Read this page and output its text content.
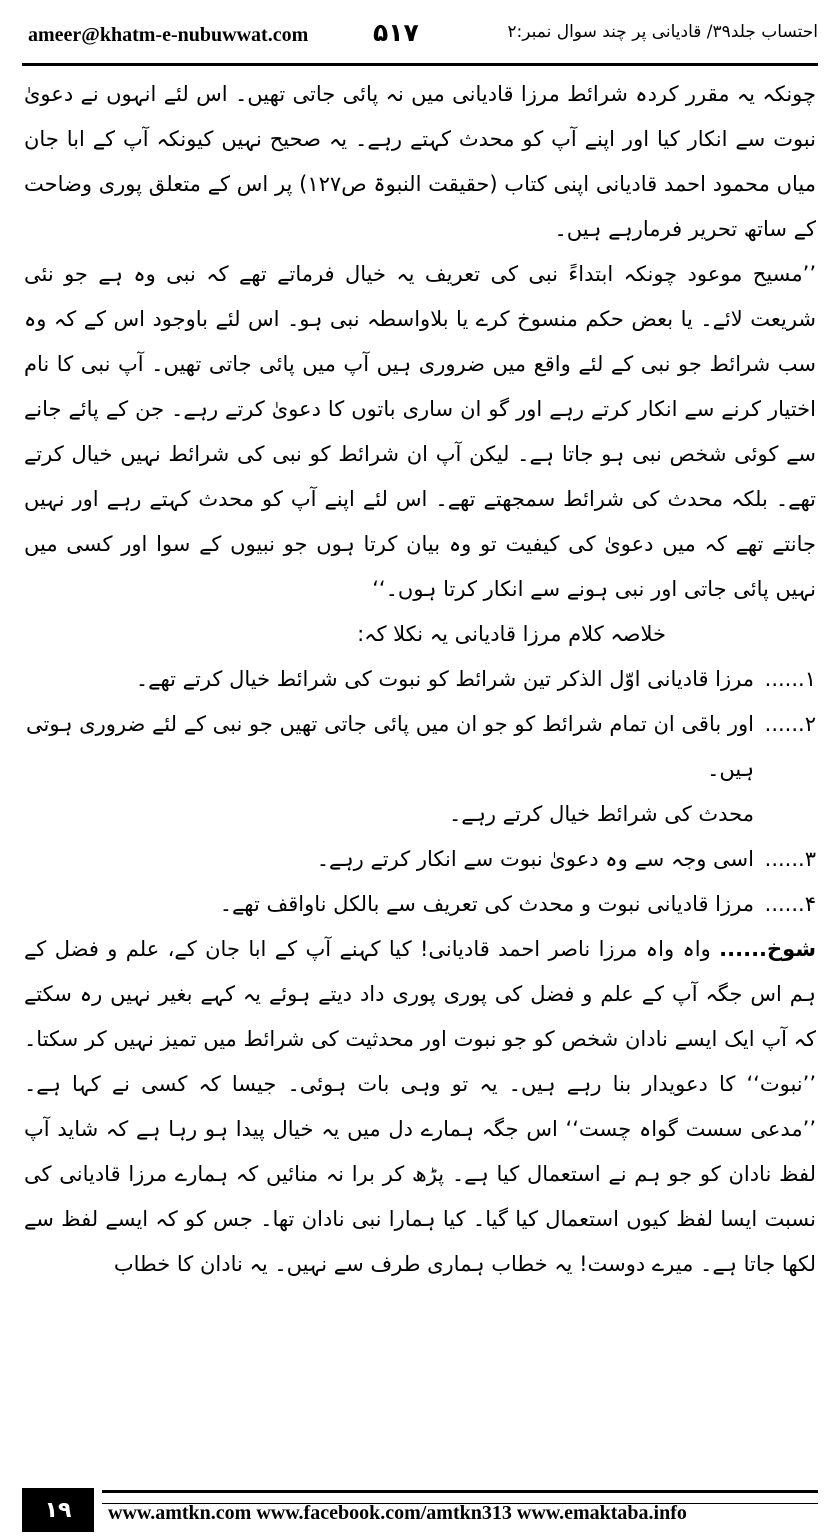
ameer@khatm-e-nubuwwat.com	۵۱۷	احتساب جلد۳۹/ قادیانی پر چند سوال نمبر:۲

چونکہ یہ مقرر کردہ شرائط مرزا قادیانی میں نہ پائی جاتی تھیں۔ اس لئے انہوں نے دعویٰ نبوت سے انکار کیا اور اپنے آپ کو محدث کہتے رہے۔ یہ صحیح نہیں کیونکہ آپ کے ابا جان میاں محمود احمد قادیانی اپنی کتاب (حقیقت النبوۃ ص۱۲۷) پر اس کے متعلق پوری وضاحت کے ساتھ تحریر فرمارہے ہیں۔

’’مسیح موعود چونکہ ابتداءً نبی کی تعریف یہ خیال فرماتے تھے کہ نبی وہ ہے جو نئی شریعت لائے۔ یا بعض حکم منسوخ کرے یا بلاواسطہ نبی ہو۔ اس لئے باوجود اس کے کہ وہ سب شرائط جو نبی کے لئے واقع میں ضروری ہیں آپ میں پائی جاتی تھیں۔ آپ نبی کا نام اختیار کرنے سے انکار کرتے رہے اور گو ان ساری باتوں کا دعویٰ کرتے رہے۔ جن کے پائے جانے سے کوئی شخص نبی ہو جاتا ہے۔ لیکن آپ ان شرائط کو نبی کی شرائط نہیں خیال کرتے تھے۔ بلکہ محدث کی شرائط سمجھتے تھے۔ اس لئے اپنے آپ کو محدث کہتے رہے اور نہیں جانتے تھے کہ میں دعویٰ کی کیفیت تو وہ بیان کرتا ہوں جو نبیوں کے سوا اور کسی میں نہیں پائی جاتی اور نبی ہونے سے انکار کرتا ہوں۔‘‘

خلاصہ کلام مرزا قادیانی یہ نکلا کہ:

۱......
مرزا قادیانی اوّل الذکر تین شرائط کو نبوت کی شرائط خیال کرتے تھے۔
۲......
اور باقی ان تمام شرائط کو جو ان میں پائی جاتی تھیں جو نبی کے لئے ضروری ہوتی ہیں۔

محدث کی شرائط خیال کرتے رہے۔

۳......
اسی وجہ سے وہ دعویٰ نبوت سے انکار کرتے رہے۔
۴......
مرزا قادیانی نبوت و محدث کی تعریف سے بالکل ناواقف تھے۔

شوخ...... واہ واہ مرزا ناصر احمد قادیانی! کیا کہنے آپ کے ابا جان کے، علم و فضل کے ہم اس جگہ آپ کے علم و فضل کی پوری پوری داد دیتے ہوئے یہ کہے بغیر نہیں رہ سکتے کہ آپ ایک ایسے نادان شخص کو جو نبوت اور محدثیت کی شرائط میں تمیز نہیں کر سکتا۔ ’’نبوت‘‘ کا دعویدار بنا رہے ہیں۔ یہ تو وہی بات ہوئی۔ جیسا کہ کسی نے کہا ہے۔ ’’مدعی سست گواہ چست‘‘ اس جگہ ہمارے دل میں یہ خیال پیدا ہو رہا ہے کہ شاید آپ لفظ نادان کو جو ہم نے استعمال کیا ہے۔ پڑھ کر برا نہ منائیں کہ ہمارے مرزا قادیانی کی نسبت ایسا لفظ کیوں استعمال کیا گیا۔ کیا ہمارا نبی نادان تھا۔ جس کو کہ ایسے لفظ سے لکھا جاتا ہے۔ میرے دوست! یہ خطاب ہماری طرف سے نہیں۔ یہ نادان کا خطاب

۱۹	www.amtkn.com www.facebook.com/amtkn313 www.emaktaba.info
